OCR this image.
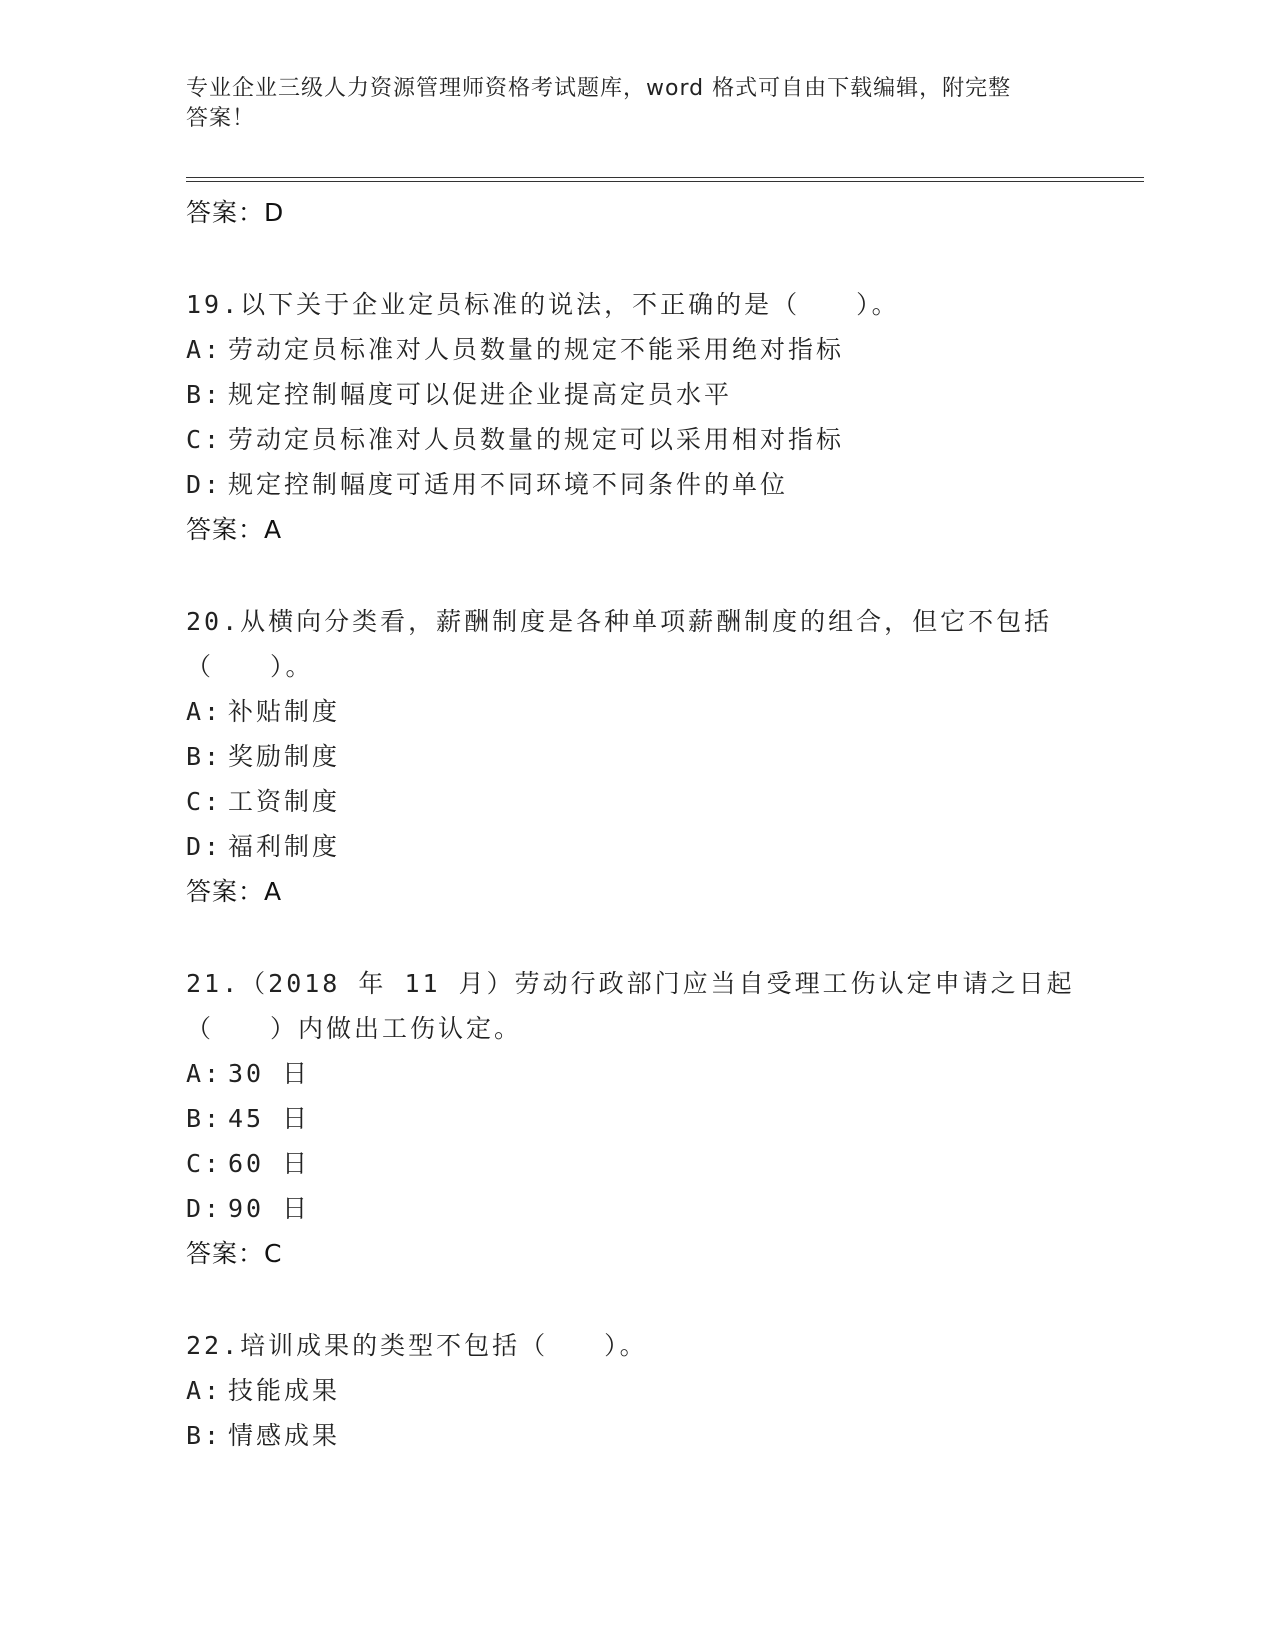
专业企业三级人力资源管理师资格考试题库，word 格式可自由下载编辑，附完整
答案！
答案：D
19.以下关于企业定员标准的说法，不正确的是（　　）。
A: 劳动定员标准对人员数量的规定不能采用绝对指标
B: 规定控制幅度可以促进企业提高定员水平
C: 劳动定员标准对人员数量的规定可以采用相对指标
D: 规定控制幅度可适用不同环境不同条件的单位
答案：A
20.从横向分类看，薪酬制度是各种单项薪酬制度的组合，但它不包括（　　）。
A: 补贴制度
B: 奖励制度
C: 工资制度
D: 福利制度
答案：A
21.（2018 年 11 月）劳动行政部门应当自受理工伤认定申请之日起（　　）内做出工伤认定。
A: 30 日
B: 45 日
C: 60 日
D: 90 日
答案：C
22.培训成果的类型不包括（　　）。
A: 技能成果
B: 情感成果
